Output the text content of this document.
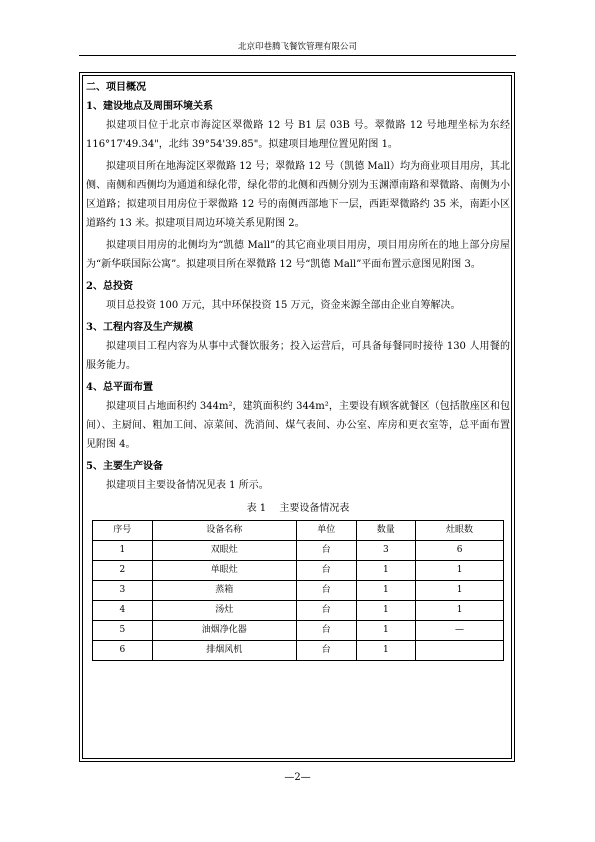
北京印巷腾飞餐饮管理有限公司

二、项目概况

1、建设地点及周围环境关系

拟建项目位于北京市海淀区翠微路 12 号 B1 层 03B 号。翠微路 12 号地理坐标为东经 116°17'49.34"，北纬 39°54'39.85"。拟建项目地理位置见附图 1。

拟建项目所在地海淀区翠微路 12 号；翠微路 12 号（凯德 Mall）均为商业项目用房，其北侧、南侧和西侧均为通道和绿化带，绿化带的北侧和西侧分别为玉渊潭南路和翠微路、南侧为小区道路；拟建项目用房位于翠微路 12 号的南侧西部地下一层，西距翠微路约 35 米，南距小区道路约 13 米。拟建项目周边环境关系见附图 2。

拟建项目用房的北侧均为“凯德 Mall”的其它商业项目用房，项目用房所在的地上部分房屋为“新华联国际公寓”。拟建项目所在翠微路 12 号“凯德 Mall”平面布置示意图见附图 3。

2、总投资

项目总投资 100 万元，其中环保投资 15 万元，资金来源全部由企业自筹解决。

3、工程内容及生产规模

拟建项目工程内容为从事中式餐饮服务；投入运营后，可具备每餐同时接待 130 人用餐的服务能力。

4、总平面布置

拟建项目占地面积约 344m²，建筑面积约 344m²，主要设有顾客就餐区（包括散座区和包间）、主厨间、粗加工间、凉菜间、洗消间、煤气表间、办公室、库房和更衣室等，总平面布置见附图 4。

5、主要生产设备

拟建项目主要设备情况见表 1 所示。

表 1　 主要设备情况表
序号	设备名称	单位	数量	灶眼数
1	双眼灶	台	3	6
2	单眼灶	台	1	1
3	蒸箱	台	1	1
4	汤灶	台	1	1
5	油烟净化器	台	1	—
6	排烟风机	台	1	
—2—
